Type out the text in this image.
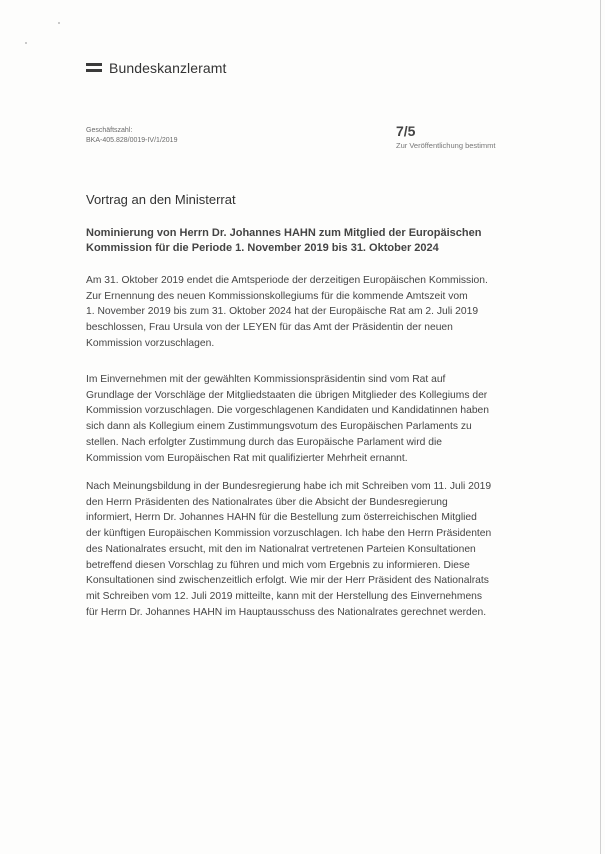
Bundeskanzleramt
Geschäftszahl:
BKA-405.828/0019-IV/1/2019
7/5
Zur Veröffentlichung bestimmt
Vortrag an den Ministerrat
Nominierung von Herrn Dr. Johannes HAHN zum Mitglied der Europäischen
Kommission für die Periode 1. November 2019 bis 31. Oktober 2024
Am 31. Oktober 2019 endet die Amtsperiode der derzeitigen Europäischen Kommission.
Zur Ernennung des neuen Kommissionskollegiums für die kommende Amtszeit vom
1. November 2019 bis zum 31. Oktober 2024 hat der Europäische Rat am 2. Juli 2019
beschlossen, Frau Ursula von der LEYEN für das Amt der Präsidentin der neuen
Kommission vorzuschlagen.
Im Einvernehmen mit der gewählten Kommissionspräsidentin sind vom Rat auf
Grundlage der Vorschläge der Mitgliedstaaten die übrigen Mitglieder des Kollegiums der
Kommission vorzuschlagen. Die vorgeschlagenen Kandidaten und Kandidatinnen haben
sich dann als Kollegium einem Zustimmungsvotum des Europäischen Parlaments zu
stellen. Nach erfolgter Zustimmung durch das Europäische Parlament wird die
Kommission vom Europäischen Rat mit qualifizierter Mehrheit ernannt.
Nach Meinungsbildung in der Bundesregierung habe ich mit Schreiben vom 11. Juli 2019
den Herrn Präsidenten des Nationalrates über die Absicht der Bundesregierung
informiert, Herrn Dr. Johannes HAHN für die Bestellung zum österreichischen Mitglied
der künftigen Europäischen Kommission vorzuschlagen. Ich habe den Herrn Präsidenten
des Nationalrates ersucht, mit den im Nationalrat vertretenen Parteien Konsultationen
betreffend diesen Vorschlag zu führen und mich vom Ergebnis zu informieren. Diese
Konsultationen sind zwischenzeitlich erfolgt. Wie mir der Herr Präsident des Nationalrats
mit Schreiben vom 12. Juli 2019 mitteilte, kann mit der Herstellung des Einvernehmens
für Herrn Dr. Johannes HAHN im Hauptausschuss des Nationalrates gerechnet werden.
